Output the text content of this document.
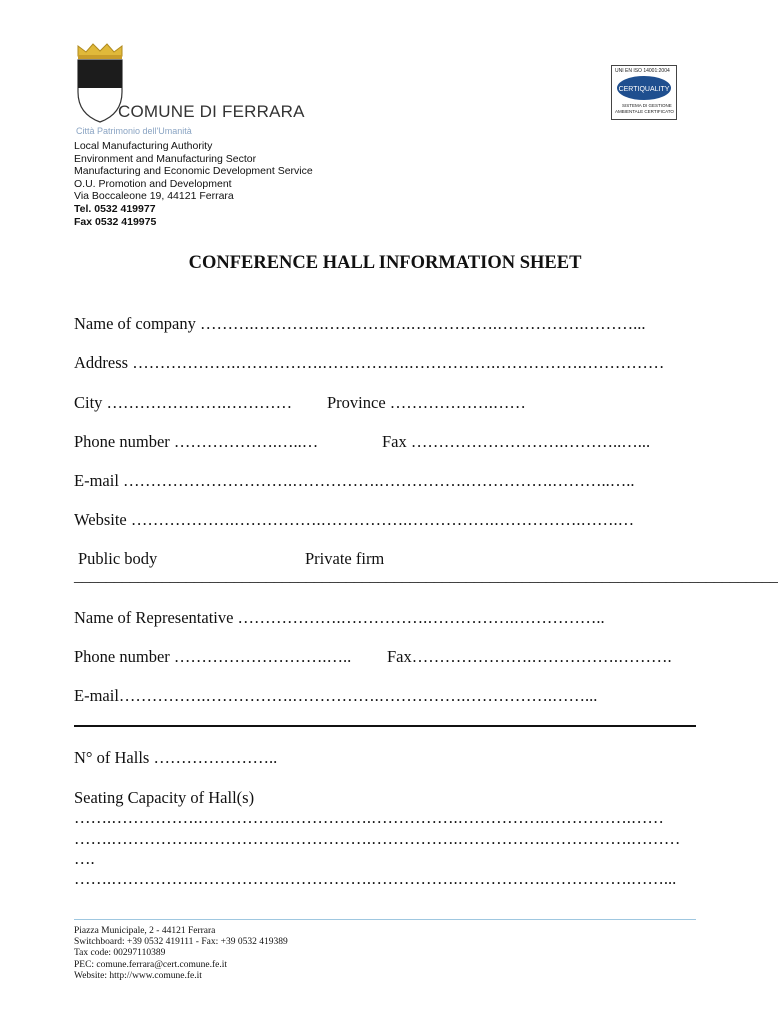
COMUNE DI FERRARA
Città Patrimonio dell'Umanità
UNI EN ISO 14001:2004
CERTIQUALITY
SISTEMA DI GESTIONE
AMBIENTALE CERTIFICATO
Local Manufacturing Authority
Environment and Manufacturing Sector
Manufacturing and Economic Development Service
O.U. Promotion and Development
Via Boccaleone 19, 44121 Ferrara
Tel. 0532 419977
Fax 0532 419975
CONFERENCE HALL INFORMATION SHEET
Name of company ……….………….…………….…………….…………….………...
Address ……………….…………….…………….…………….…………….……………
City ………………….………… Province ……………….……
Phone number ……………….…..…	Fax ……………………….………..…...
E-mail ………………………….…………….…………….…………….………..…..
Website ……………….…………….…………….…………….…………….…….…
Public body	Private firm
________________________________________________________________________________________
Name of Representative ……………….…………….…………….……………..
Phone number ……………………….….. Fax………………….…………….……….
E-mail…………….…………….…………….…………….…………….……...
N° of Halls …………………..
Seating Capacity of Hall(s)
…….…………….…………….…………….…………….…………….…………….……
…….…………….…………….…………….…………….…………….…………….………
….
…….…………….…………….…………….…………….…………….…………….……...
Piazza Municipale, 2 - 44121 Ferrara
Switchboard: +39 0532 419111 - Fax: +39 0532 419389
Tax code: 00297110389
PEC: comune.ferrara@cert.comune.fe.it
Website: http://www.comune.fe.it
